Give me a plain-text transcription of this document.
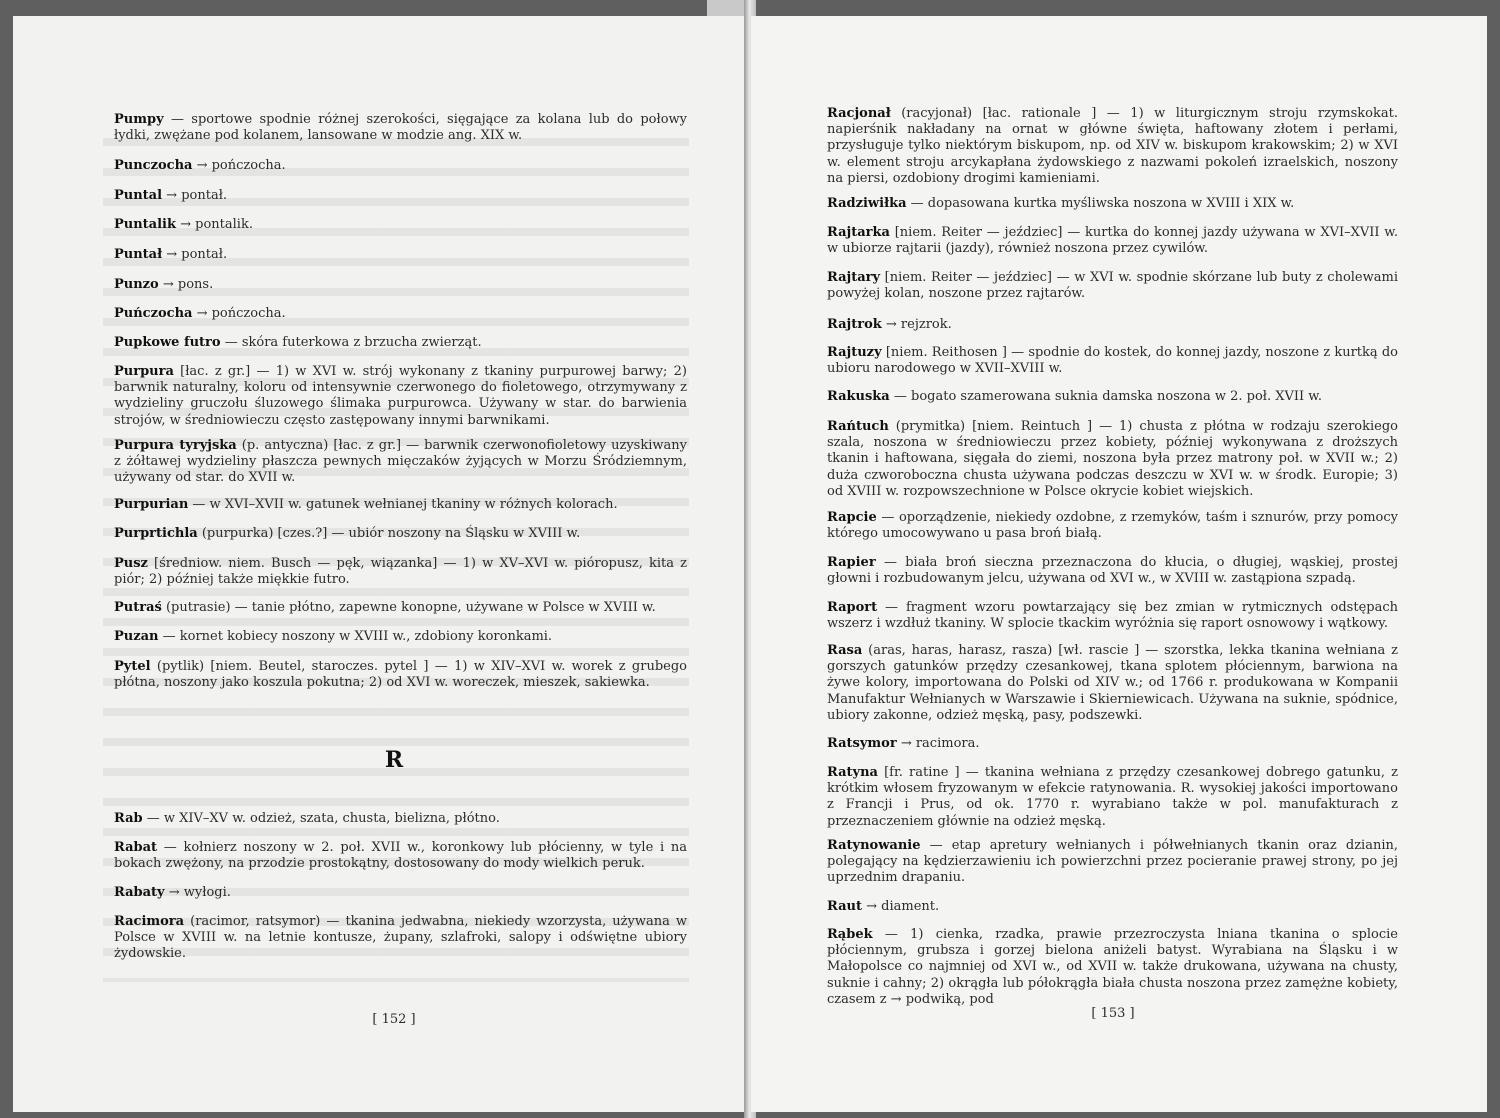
Pumpy — sportowe spodnie różnej szerokości, sięgające za kolana lub do połowy łydki, zwężane pod kolanem, lansowane w modzie ang. XIX w.

Punczocha → pończocha.

Puntal → pontał.

Puntalik → pontalik.

Puntał → pontał.

Punzo → pons.

Puńczocha → pończocha.

Pupkowe futro — skóra futerkowa z brzucha zwierząt.

Purpura [łac. z gr.] — 1) w XVI w. strój wykonany z tkaniny purpurowej barwy; 2) barwnik naturalny, koloru od intensywnie czerwonego do fioletowego, otrzymywany z wydzieliny gruczołu śluzowego ślimaka purpurowca. Używany w star. do barwienia strojów, w średniowieczu często zastępowany innymi barwnikami.

Purpura tyryjska (p. antyczna) [łac. z gr.] — barwnik czerwonofioletowy uzyskiwany z żółtawej wydzieliny płaszcza pewnych mięczaków żyjących w Morzu Śródziemnym, używany od star. do XVII w.

Purpurian — w XVI–XVII w. gatunek wełnianej tkaniny w różnych kolorach.

Purprtichla (purpurka) [czes.?] — ubiór noszony na Śląsku w XVIII w.

Pusz [średniow. niem. Busch — pęk, wiązanka] — 1) w XV–XVI w. pióropusz, kita z piór; 2) później także miękkie futro.

Putraś (putrasie) — tanie płótno, zapewne konopne, używane w Polsce w XVIII w.

Puzan — kornet kobiecy noszony w XVIII w., zdobiony koronkami.

Pytel (pytlik) [niem. Beutel, staroczes. pytel ] — 1) w XIV–XVI w. worek z grubego płótna, noszony jako koszula pokutna; 2) od XVI w. woreczek, mieszek, sakiewka.

R

Rab — w XIV–XV w. odzież, szata, chusta, bielizna, płótno.

Rabat — kołnierz noszony w 2. poł. XVII w., koronkowy lub płócienny, w tyle i na bokach zwężony, na przodzie prostokątny, dostosowany do mody wielkich peruk.

Rabaty → wyłogi.

Racimora (racimor, ratsymor) — tkanina jedwabna, niekiedy wzorzysta, używana w Polsce w XVIII w. na letnie kontusze, żupany, szlafroki, salopy i odświętne ubiory żydowskie.

[ 152 ]

Racjonał (racyjonał) [łac. rationale ] — 1) w liturgicznym stroju rzymskokat. napierśnik nakładany na ornat w główne święta, haftowany złotem i perłami, przysługuje tylko niektórym biskupom, np. od XIV w. biskupom krakowskim; 2) w XVI w. element stroju arcykapłana żydowskiego z nazwami pokoleń izraelskich, noszony na piersi, ozdobiony drogimi kamieniami.

Radziwiłka — dopasowana kurtka myśliwska noszona w XVIII i XIX w.

Rajtarka [niem. Reiter — jeździec] — kurtka do konnej jazdy używana w XVI–XVII w. w ubiorze rajtarii (jazdy), również noszona przez cywilów.

Rajtary [niem. Reiter — jeździec] — w XVI w. spodnie skórzane lub buty z cholewami powyżej kolan, noszone przez rajtarów.

Rajtrok → rejzrok.

Rajtuzy [niem. Reithosen ] — spodnie do kostek, do konnej jazdy, noszone z kurtką do ubioru narodowego w XVII–XVIII w.

Rakuska — bogato szamerowana suknia damska noszona w 2. poł. XVII w.

Rańtuch (prymitka) [niem. Reintuch ] — 1) chusta z płótna w rodzaju szerokiego szala, noszona w średniowieczu przez kobiety, później wykonywana z droższych tkanin i haftowana, sięgała do ziemi, noszona była przez matrony poł. w XVII w.; 2) duża czworoboczna chusta używana podczas deszczu w XVI w. w środk. Europie; 3) od XVIII w. rozpowszechnione w Polsce okrycie kobiet wiejskich.

Rapcie — oporządzenie, niekiedy ozdobne, z rzemyków, taśm i sznurów, przy pomocy którego umocowywano u pasa broń białą.

Rapier — biała broń sieczna przeznaczona do kłucia, o długiej, wąskiej, prostej głowni i rozbudowanym jelcu, używana od XVI w., w XVIII w. zastąpiona szpadą.

Raport — fragment wzoru powtarzający się bez zmian w rytmicznych odstępach wszerz i wzdłuż tkaniny. W splocie tkackim wyróżnia się raport osnowowy i wątkowy.

Rasa (aras, haras, harasz, rasza) [wł. rascie ] — szorstka, lekka tkanina wełniana z gorszych gatunków przędzy czesankowej, tkana splotem płóciennym, barwiona na żywe kolory, importowana do Polski od XIV w.; od 1766 r. produkowana w Kompanii Manufaktur Wełnianych w Warszawie i Skierniewicach. Używana na suknie, spódnice, ubiory zakonne, odzież męską, pasy, podszewki.

Ratsymor → racimora.

Ratyna [fr. ratine ] — tkanina wełniana z przędzy czesankowej dobrego gatunku, z krótkim włosem fryzowanym w efekcie ratynowania. R. wysokiej jakości importowano z Francji i Prus, od ok. 1770 r. wyrabiano także w pol. manufakturach z przeznaczeniem głównie na odzież męską.

Ratynowanie — etap apretury wełnianych i półwełnianych tkanin oraz dzianin, polegający na kędzierzawieniu ich powierzchni przez pocieranie prawej strony, po jej uprzednim drapaniu.

Raut → diament.

Rąbek — 1) cienka, rzadka, prawie przezroczysta lniana tkanina o splocie płóciennym, grubsza i gorzej bielona aniżeli batyst. Wyrabiana na Śląsku i w Małopolsce co najmniej od XVI w., od XVII w. także drukowana, używana na chusty, suknie i cahny; 2) okrągła lub półokrągła biała chusta noszona przez zamężne kobiety, czasem z → podwiką, pod

[ 153 ]
